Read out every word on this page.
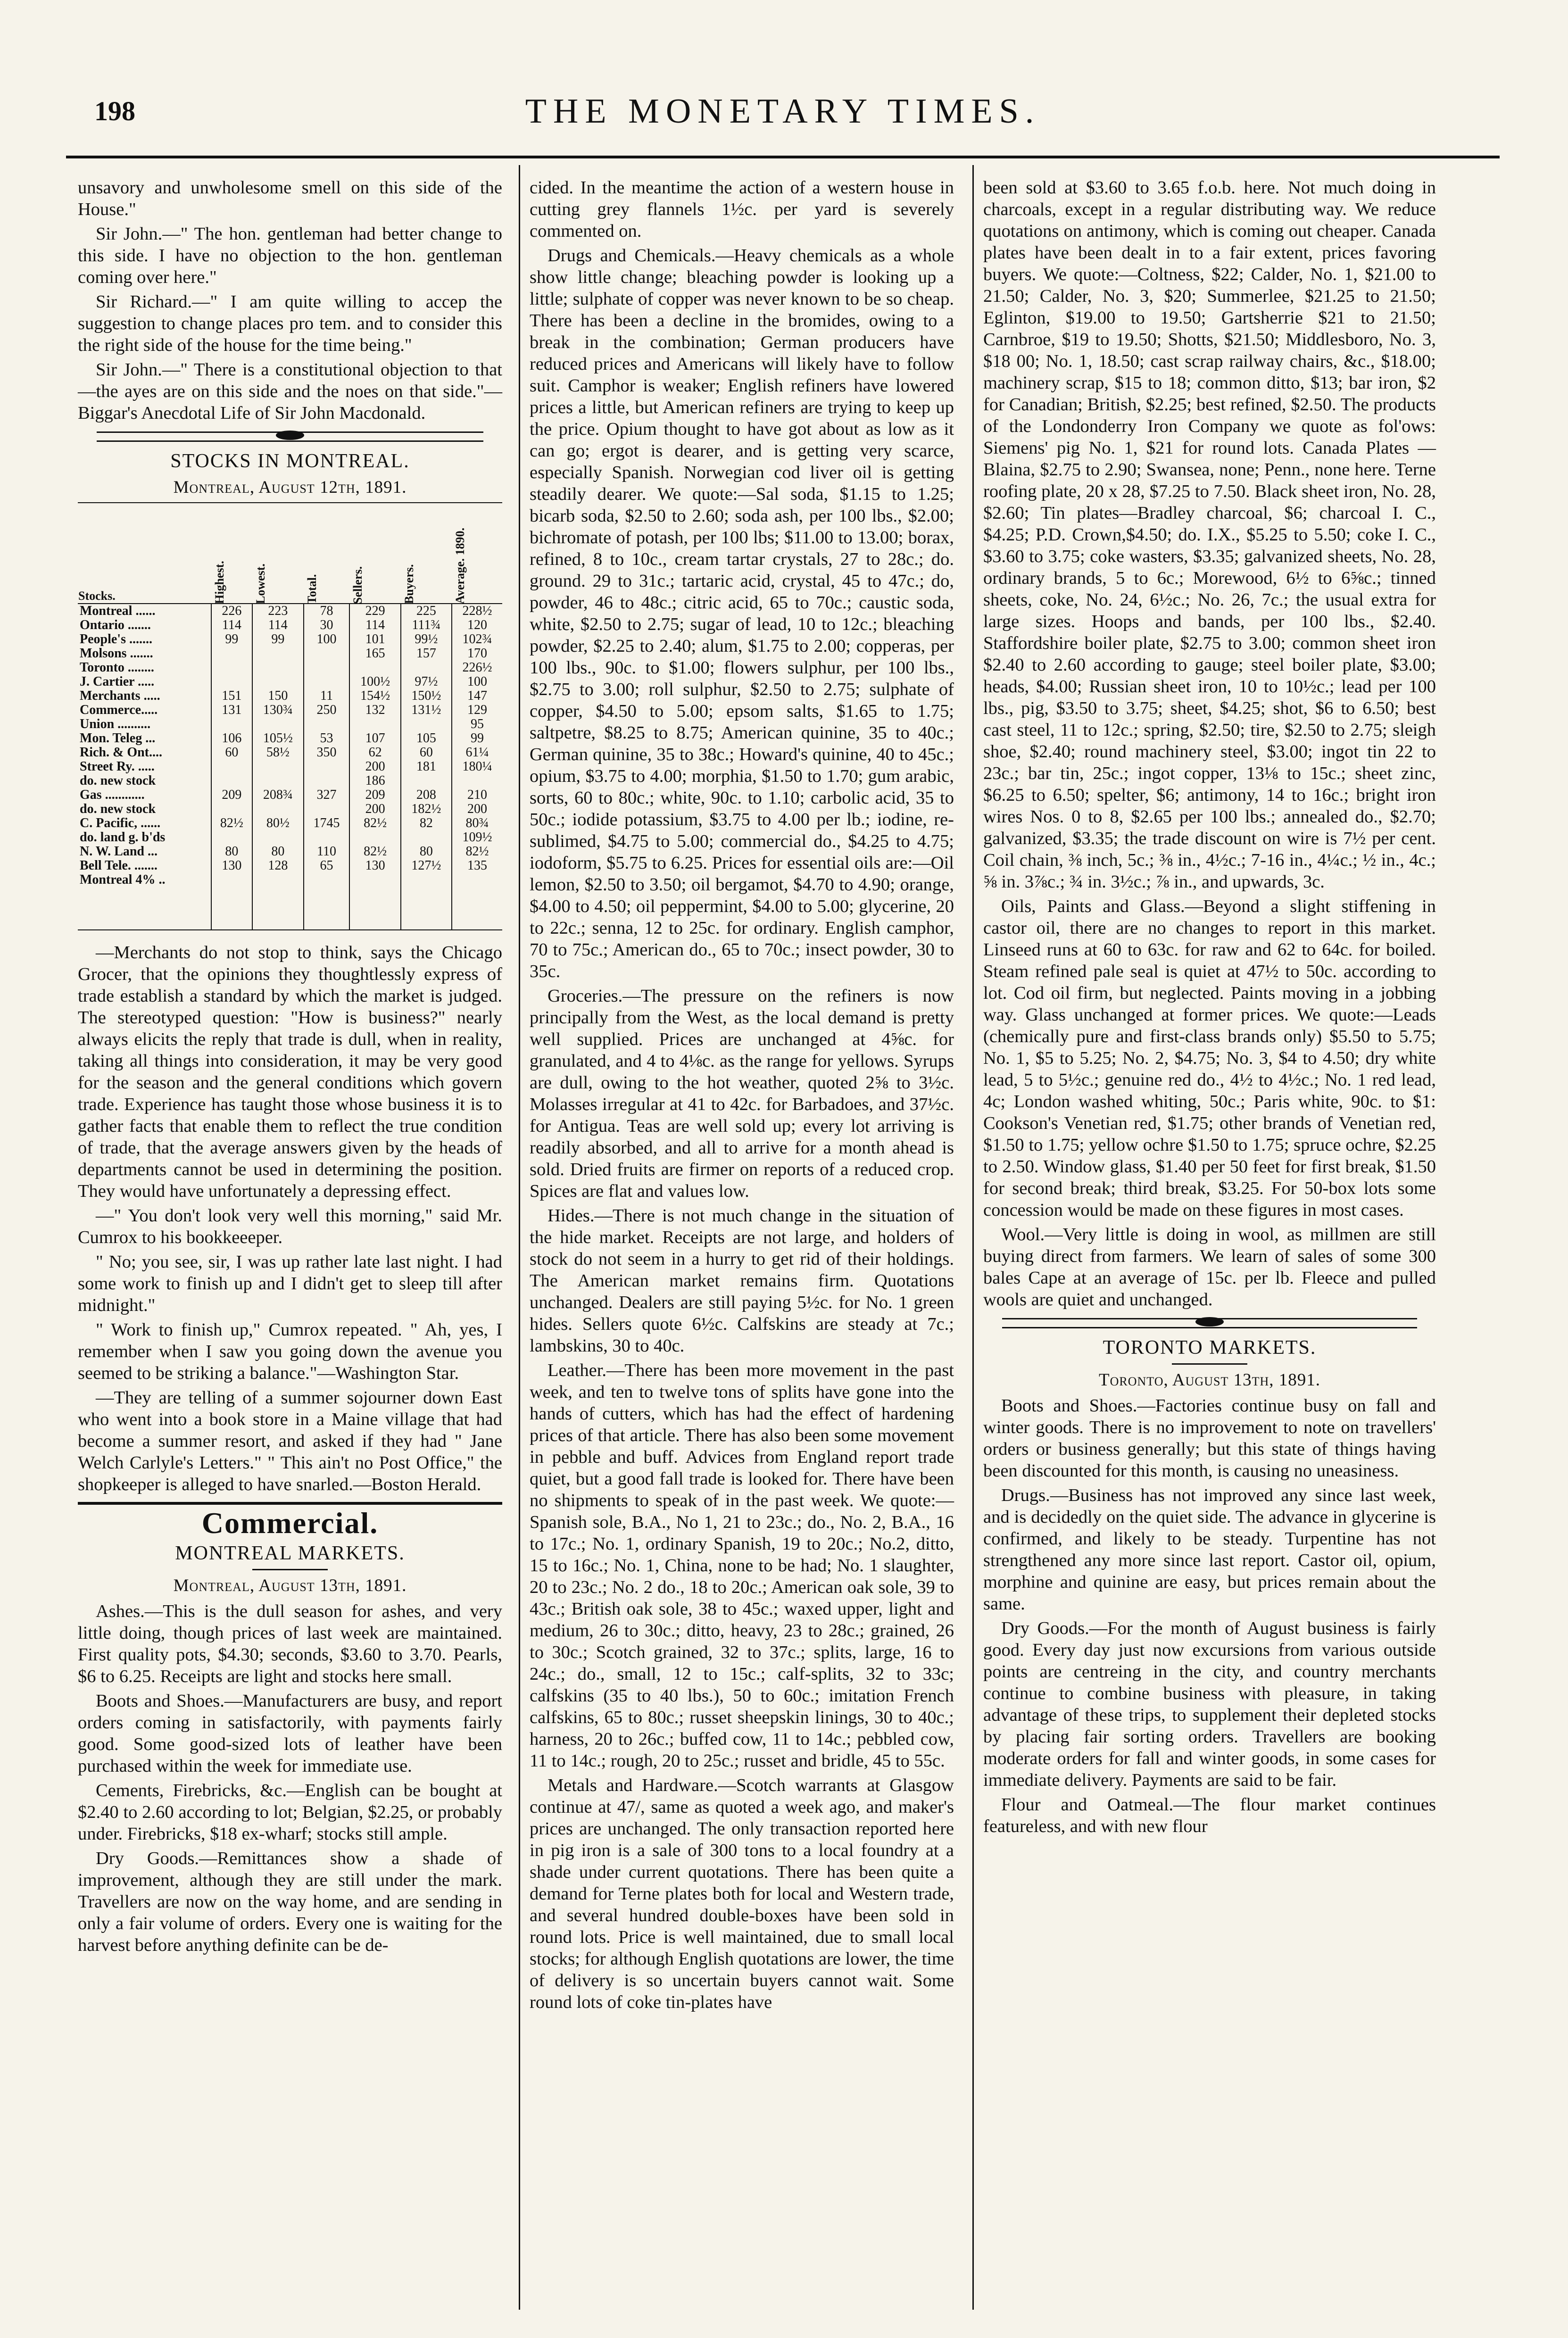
198	THE MONETARY TIMES.

unsavory and unwholesome smell on this side of the House."

Sir John.—" The hon. gentleman had better change to this side. I have no objection to the hon. gentleman coming over here."

Sir Richard.—" I am quite willing to accep the suggestion to change places pro tem. and to consider this the right side of the house for the time being."

Sir John.—" There is a constitutional objection to that—the ayes are on this side and the noes on that side."—Biggar's Anecdotal Life of Sir John Macdonald.

STOCKS IN MONTREAL.
Montreal, August 12th, 1891.
Stocks.	Highest.	Lowest.	Total.	Sellers.	Buyers.	Average. 1890.
Montreal ......	226	223	78	229	225	228½
Ontario .......	114	114	30	114	111¾	120
People's .......	99	99	100	101	99½	102¾
Molsons .......				165	157	170
Toronto ........						226½
J. Cartier .....				100½	97½	100
Merchants .....	151	150	11	154½	150½	147
Commerce.....	131	130¾	250	132	131½	129
Union ..........						95
Mon. Teleg ...	106	105½	53	107	105	99
Rich. & Ont....	60	58½	350	62	60	61¼
Street Ry. .....				200	181	180¼
do. new stock				186		
Gas ............	209	208¾	327	209	208	210
do. new stock				200	182½	200
C. Pacific, ......	82½	80½	1745	82½	82	80¾
do. land g. b'ds						109½
N. W. Land ...	80	80	110	82½	80	82½
Bell Tele. .......	130	128	65	130	127½	135
Montreal 4% ..						

—Merchants do not stop to think, says the Chicago Grocer, that the opinions they thoughtlessly express of trade establish a standard by which the market is judged. The stereotyped question: "How is business?" nearly always elicits the reply that trade is dull, when in reality, taking all things into consideration, it may be very good for the season and the general conditions which govern trade. Experience has taught those whose business it is to gather facts that enable them to reflect the true condition of trade, that the average answers given by the heads of departments cannot be used in determining the position. They would have unfortunately a depressing effect.

—" You don't look very well this morning," said Mr. Cumrox to his bookkeeeper.

" No; you see, sir, I was up rather late last night. I had some work to finish up and I didn't get to sleep till after midnight."

" Work to finish up," Cumrox repeated. " Ah, yes, I remember when I saw you going down the avenue you seemed to be striking a balance."—Washington Star.

—They are telling of a summer sojourner down East who went into a book store in a Maine village that had become a summer resort, and asked if they had " Jane Welch Carlyle's Letters." " This ain't no Post Office," the shopkeeper is alleged to have snarled.—Boston Herald.

Commercial.
MONTREAL MARKETS.
Montreal, August 13th, 1891.

Ashes.—This is the dull season for ashes, and very little doing, though prices of last week are maintained. First quality pots, $4.30; seconds, $3.60 to 3.70. Pearls, $6 to 6.25. Receipts are light and stocks here small.

Boots and Shoes.—Manufacturers are busy, and report orders coming in satisfactorily, with payments fairly good. Some good-sized lots of leather have been purchased within the week for immediate use.

Cements, Firebricks, &c.—English can be bought at $2.40 to 2.60 according to lot; Belgian, $2.25, or probably under. Firebricks, $18 ex-wharf; stocks still ample.

Dry Goods.—Remittances show a shade of improvement, although they are still under the mark. Travellers are now on the way home, and are sending in only a fair volume of orders. Every one is waiting for the harvest before anything definite can be de-

cided. In the meantime the action of a western house in cutting grey flannels 1½c. per yard is severely commented on.

Drugs and Chemicals.—Heavy chemicals as a whole show little change; bleaching powder is looking up a little; sulphate of copper was never known to be so cheap. There has been a decline in the bromides, owing to a break in the combination; German producers have reduced prices and Americans will likely have to follow suit. Camphor is weaker; English refiners have lowered prices a little, but American refiners are trying to keep up the price. Opium thought to have got about as low as it can go; ergot is dearer, and is getting very scarce, especially Spanish. Norwegian cod liver oil is getting steadily dearer. We quote:—Sal soda, $1.15 to 1.25; bicarb soda, $2.50 to 2.60; soda ash, per 100 lbs., $2.00; bichromate of potash, per 100 lbs; $11.00 to 13.00; borax, refined, 8 to 10c., cream tartar crystals, 27 to 28c.; do. ground. 29 to 31c.; tartaric acid, crystal, 45 to 47c.; do, powder, 46 to 48c.; citric acid, 65 to 70c.; caustic soda, white, $2.50 to 2.75; sugar of lead, 10 to 12c.; bleaching powder, $2.25 to 2.40; alum, $1.75 to 2.00; copperas, per 100 lbs., 90c. to $1.00; flowers sulphur, per 100 lbs., $2.75 to 3.00; roll sulphur, $2.50 to 2.75; sulphate of copper, $4.50 to 5.00; epsom salts, $1.65 to 1.75; saltpetre, $8.25 to 8.75; American quinine, 35 to 40c.; German quinine, 35 to 38c.; Howard's quinine, 40 to 45c.; opium, $3.75 to 4.00; morphia, $1.50 to 1.70; gum arabic, sorts, 60 to 80c.; white, 90c. to 1.10; carbolic acid, 35 to 50c.; iodide potassium, $3.75 to 4.00 per lb.; iodine, re-sublimed, $4.75 to 5.00; commercial do., $4.25 to 4.75; iodoform, $5.75 to 6.25. Prices for essential oils are:—Oil lemon, $2.50 to 3.50; oil bergamot, $4.70 to 4.90; orange, $4.00 to 4.50; oil peppermint, $4.00 to 5.00; glycerine, 20 to 22c.; senna, 12 to 25c. for ordinary. English camphor, 70 to 75c.; American do., 65 to 70c.; insect powder, 30 to 35c.

Groceries.—The pressure on the refiners is now principally from the West, as the local demand is pretty well supplied. Prices are unchanged at 4⅝c. for granulated, and 4 to 4⅛c. as the range for yellows. Syrups are dull, owing to the hot weather, quoted 2⅝ to 3½c. Molasses irregular at 41 to 42c. for Barbadoes, and 37½c. for Antigua. Teas are well sold up; every lot arriving is readily absorbed, and all to arrive for a month ahead is sold. Dried fruits are firmer on reports of a reduced crop. Spices are flat and values low.

Hides.—There is not much change in the situation of the hide market. Receipts are not large, and holders of stock do not seem in a hurry to get rid of their holdings. The American market remains firm. Quotations unchanged. Dealers are still paying 5½c. for No. 1 green hides. Sellers quote 6½c. Calfskins are steady at 7c.; lambskins, 30 to 40c.

Leather.—There has been more movement in the past week, and ten to twelve tons of splits have gone into the hands of cutters, which has had the effect of hardening prices of that article. There has also been some movement in pebble and buff. Advices from England report trade quiet, but a good fall trade is looked for. There have been no shipments to speak of in the past week. We quote:—Spanish sole, B.A., No 1, 21 to 23c.; do., No. 2, B.A., 16 to 17c.; No. 1, ordinary Spanish, 19 to 20c.; No.2, ditto, 15 to 16c.; No. 1, China, none to be had; No. 1 slaughter, 20 to 23c.; No. 2 do., 18 to 20c.; American oak sole, 39 to 43c.; British oak sole, 38 to 45c.; waxed upper, light and medium, 26 to 30c.; ditto, heavy, 23 to 28c.; grained, 26 to 30c.; Scotch grained, 32 to 37c.; splits, large, 16 to 24c.; do., small, 12 to 15c.; calf-splits, 32 to 33c; calfskins (35 to 40 lbs.), 50 to 60c.; imitation French calfskins, 65 to 80c.; russet sheepskin linings, 30 to 40c.; harness, 20 to 26c.; buffed cow, 11 to 14c.; pebbled cow, 11 to 14c.; rough, 20 to 25c.; russet and bridle, 45 to 55c.

Metals and Hardware.—Scotch warrants at Glasgow continue at 47/, same as quoted a week ago, and maker's prices are unchanged. The only transaction reported here in pig iron is a sale of 300 tons to a local foundry at a shade under current quotations. There has been quite a demand for Terne plates both for local and Western trade, and several hundred double-boxes have been sold in round lots. Price is well maintained, due to small local stocks; for although English quotations are lower, the time of delivery is so uncertain buyers cannot wait. Some round lots of coke tin-plates have

been sold at $3.60 to 3.65 f.o.b. here. Not much doing in charcoals, except in a regular distributing way. We reduce quotations on antimony, which is coming out cheaper. Canada plates have been dealt in to a fair extent, prices favoring buyers. We quote:—Coltness, $22; Calder, No. 1, $21.00 to 21.50; Calder, No. 3, $20; Summerlee, $21.25 to 21.50; Eglinton, $19.00 to 19.50; Gartsherrie $21 to 21.50; Carnbroe, $19 to 19.50; Shotts, $21.50; Middlesboro, No. 3, $18 00; No. 1, 18.50; cast scrap railway chairs, &c., $18.00; machinery scrap, $15 to 18; common ditto, $13; bar iron, $2 for Canadian; British, $2.25; best refined, $2.50. The products of the Londonderry Iron Company we quote as fol'ows: Siemens' pig No. 1, $21 for round lots. Canada Plates — Blaina, $2.75 to 2.90; Swansea, none; Penn., none here. Terne roofing plate, 20 x 28, $7.25 to 7.50. Black sheet iron, No. 28, $2.60; Tin plates—Bradley charcoal, $6; charcoal I. C., $4.25; P.D. Crown,$4.50; do. I.X., $5.25 to 5.50; coke I. C., $3.60 to 3.75; coke wasters, $3.35; galvanized sheets, No. 28, ordinary brands, 5 to 6c.; Morewood, 6½ to 6⅝c.; tinned sheets, coke, No. 24, 6½c.; No. 26, 7c.; the usual extra for large sizes. Hoops and bands, per 100 lbs., $2.40. Staffordshire boiler plate, $2.75 to 3.00; common sheet iron $2.40 to 2.60 according to gauge; steel boiler plate, $3.00; heads, $4.00; Russian sheet iron, 10 to 10½c.; lead per 100 lbs., pig, $3.50 to 3.75; sheet, $4.25; shot, $6 to 6.50; best cast steel, 11 to 12c.; spring, $2.50; tire, $2.50 to 2.75; sleigh shoe, $2.40; round machinery steel, $3.00; ingot tin 22 to 23c.; bar tin, 25c.; ingot copper, 13⅛ to 15c.; sheet zinc, $6.25 to 6.50; spelter, $6; antimony, 14 to 16c.; bright iron wires Nos. 0 to 8, $2.65 per 100 lbs.; annealed do., $2.70; galvanized, $3.35; the trade discount on wire is 7½ per cent. Coil chain, ⅜ inch, 5c.; ⅜ in., 4½c.; 7-16 in., 4¼c.; ½ in., 4c.; ⅝ in. 3⅞c.; ¾ in. 3½c.; ⅞ in., and upwards, 3c.

Oils, Paints and Glass.—Beyond a slight stiffening in castor oil, there are no changes to report in this market. Linseed runs at 60 to 63c. for raw and 62 to 64c. for boiled. Steam refined pale seal is quiet at 47½ to 50c. according to lot. Cod oil firm, but neglected. Paints moving in a jobbing way. Glass unchanged at former prices. We quote:—Leads (chemically pure and first-class brands only) $5.50 to 5.75; No. 1, $5 to 5.25; No. 2, $4.75; No. 3, $4 to 4.50; dry white lead, 5 to 5½c.; genuine red do., 4½ to 4½c.; No. 1 red lead, 4c; London washed whiting, 50c.; Paris white, 90c. to $1: Cookson's Venetian red, $1.75; other brands of Venetian red, $1.50 to 1.75; yellow ochre $1.50 to 1.75; spruce ochre, $2.25 to 2.50. Window glass, $1.40 per 50 feet for first break, $1.50 for second break; third break, $3.25. For 50-box lots some concession would be made on these figures in most cases.

Wool.—Very little is doing in wool, as millmen are still buying direct from farmers. We learn of sales of some 300 bales Cape at an average of 15c. per lb. Fleece and pulled wools are quiet and unchanged.

TORONTO MARKETS.
Toronto, August 13th, 1891.

Boots and Shoes.—Factories continue busy on fall and winter goods. There is no improvement to note on travellers' orders or business generally; but this state of things having been discounted for this month, is causing no uneasiness.

Drugs.—Business has not improved any since last week, and is decidedly on the quiet side. The advance in glycerine is confirmed, and likely to be steady. Turpentine has not strengthened any more since last report. Castor oil, opium, morphine and quinine are easy, but prices remain about the same.

Dry Goods.—For the month of August business is fairly good. Every day just now excursions from various outside points are centreing in the city, and country merchants continue to combine business with pleasure, in taking advantage of these trips, to supplement their depleted stocks by placing fair sorting orders. Travellers are booking moderate orders for fall and winter goods, in some cases for immediate delivery. Payments are said to be fair.

Flour and Oatmeal.—The flour market continues featureless, and with new flour
